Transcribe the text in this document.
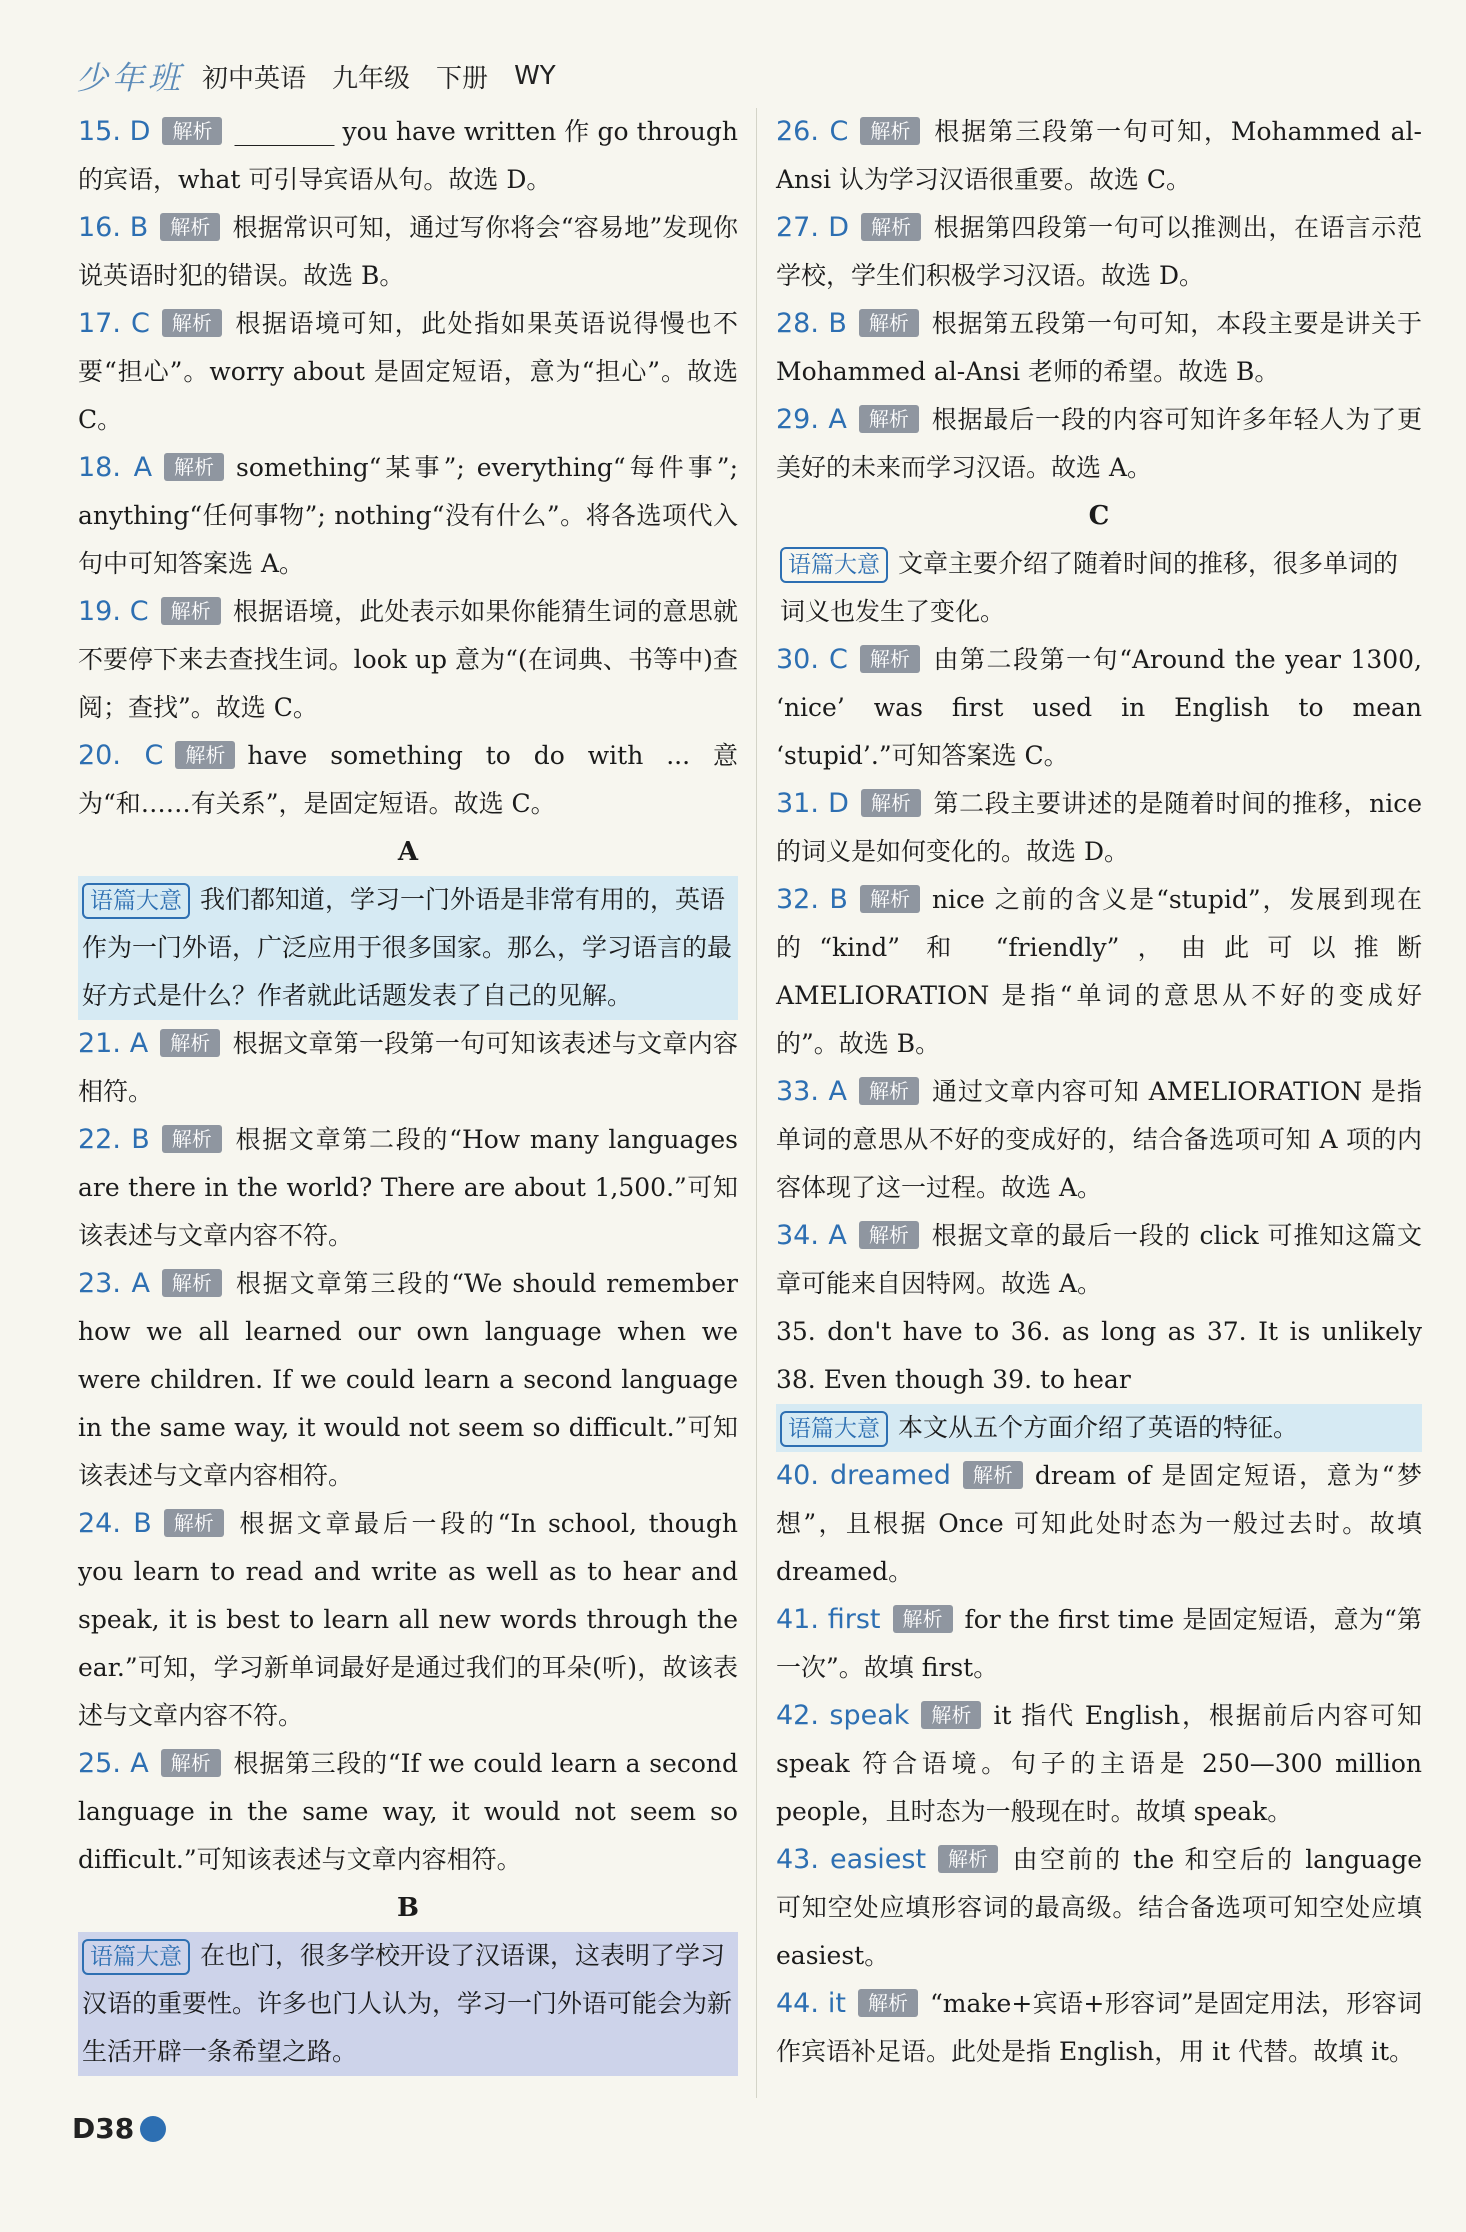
少年班 初中英语 九年级 下册 WY
15. D 解析 ________ you have written 作 go through 的宾语，what 可引导宾语从句。故选 D。
16. B 解析 根据常识可知，通过写你将会“容易地”发现你说英语时犯的错误。故选 B。
17. C 解析 根据语境可知，此处指如果英语说得慢也不要“担心”。worry about 是固定短语，意为“担心”。故选 C。
18. A 解析 something“某事”; everything“每件事”; anything“任何事物”; nothing“没有什么”。将各选项代入句中可知答案选 A。
19. C 解析 根据语境，此处表示如果你能猜生词的意思就不要停下来去查找生词。look up 意为“(在词典、书等中)查阅；查找”。故选 C。
20. C 解析 have something to do with ... 意为“和……有关系”，是固定短语。故选 C。
A
语篇大意 我们都知道，学习一门外语是非常有用的，英语作为一门外语，广泛应用于很多国家。那么，学习语言的最好方式是什么？作者就此话题发表了自己的见解。
21. A 解析 根据文章第一段第一句可知该表述与文章内容相符。
22. B 解析 根据文章第二段的“How many languages are there in the world? There are about 1,500.”可知该表述与文章内容不符。
23. A 解析 根据文章第三段的“We should remember how we all learned our own language when we were children. If we could learn a second language in the same way, it would not seem so difficult.”可知该表述与文章内容相符。
24. B 解析 根据文章最后一段的“In school, though you learn to read and write as well as to hear and speak, it is best to learn all new words through the ear.”可知，学习新单词最好是通过我们的耳朵(听)，故该表述与文章内容不符。
25. A 解析 根据第三段的“If we could learn a second language in the same way, it would not seem so difficult.”可知该表述与文章内容相符。
B
语篇大意 在也门，很多学校开设了汉语课，这表明了学习汉语的重要性。许多也门人认为，学习一门外语可能会为新生活开辟一条希望之路。
26. C 解析 根据第三段第一句可知，Mohammed al-Ansi 认为学习汉语很重要。故选 C。
27. D 解析 根据第四段第一句可以推测出，在语言示范学校，学生们积极学习汉语。故选 D。
28. B 解析 根据第五段第一句可知，本段主要是讲关于 Mohammed al-Ansi 老师的希望。故选 B。
29. A 解析 根据最后一段的内容可知许多年轻人为了更美好的未来而学习汉语。故选 A。
C
语篇大意 文章主要介绍了随着时间的推移，很多单词的词义也发生了变化。
30. C 解析 由第二段第一句“Around the year 1300, ‘nice’ was first used in English to mean ‘stupid’.”可知答案选 C。
31. D 解析 第二段主要讲述的是随着时间的推移，nice 的词义是如何变化的。故选 D。
32. B 解析 nice 之前的含义是“stupid”，发展到现在的“kind” 和 “friendly”，由此可以推断 AMELIORATION 是指“单词的意思从不好的变成好的”。故选 B。
33. A 解析 通过文章内容可知 AMELIORATION 是指单词的意思从不好的变成好的，结合备选项可知 A 项的内容体现了这一过程。故选 A。
34. A 解析 根据文章的最后一段的 click 可推知这篇文章可能来自因特网。故选 A。
35. don't have to 36. as long as 37. It is unlikely 38. Even though 39. to hear
语篇大意 本文从五个方面介绍了英语的特征。
40. dreamed 解析 dream of 是固定短语，意为“梦想”，且根据 Once 可知此处时态为一般过去时。故填 dreamed。
41. first 解析 for the first time 是固定短语，意为“第一次”。故填 first。
42. speak 解析 it 指代 English，根据前后内容可知 speak 符合语境。句子的主语是 250—300 million people，且时态为一般现在时。故填 speak。
43. easiest 解析 由空前的 the 和空后的 language 可知空处应填形容词的最高级。结合备选项可知空处应填 easiest。
44. it 解析 “make+宾语+形容词”是固定用法，形容词作宾语补足语。此处是指 English，用 it 代替。故填 it。
D38
